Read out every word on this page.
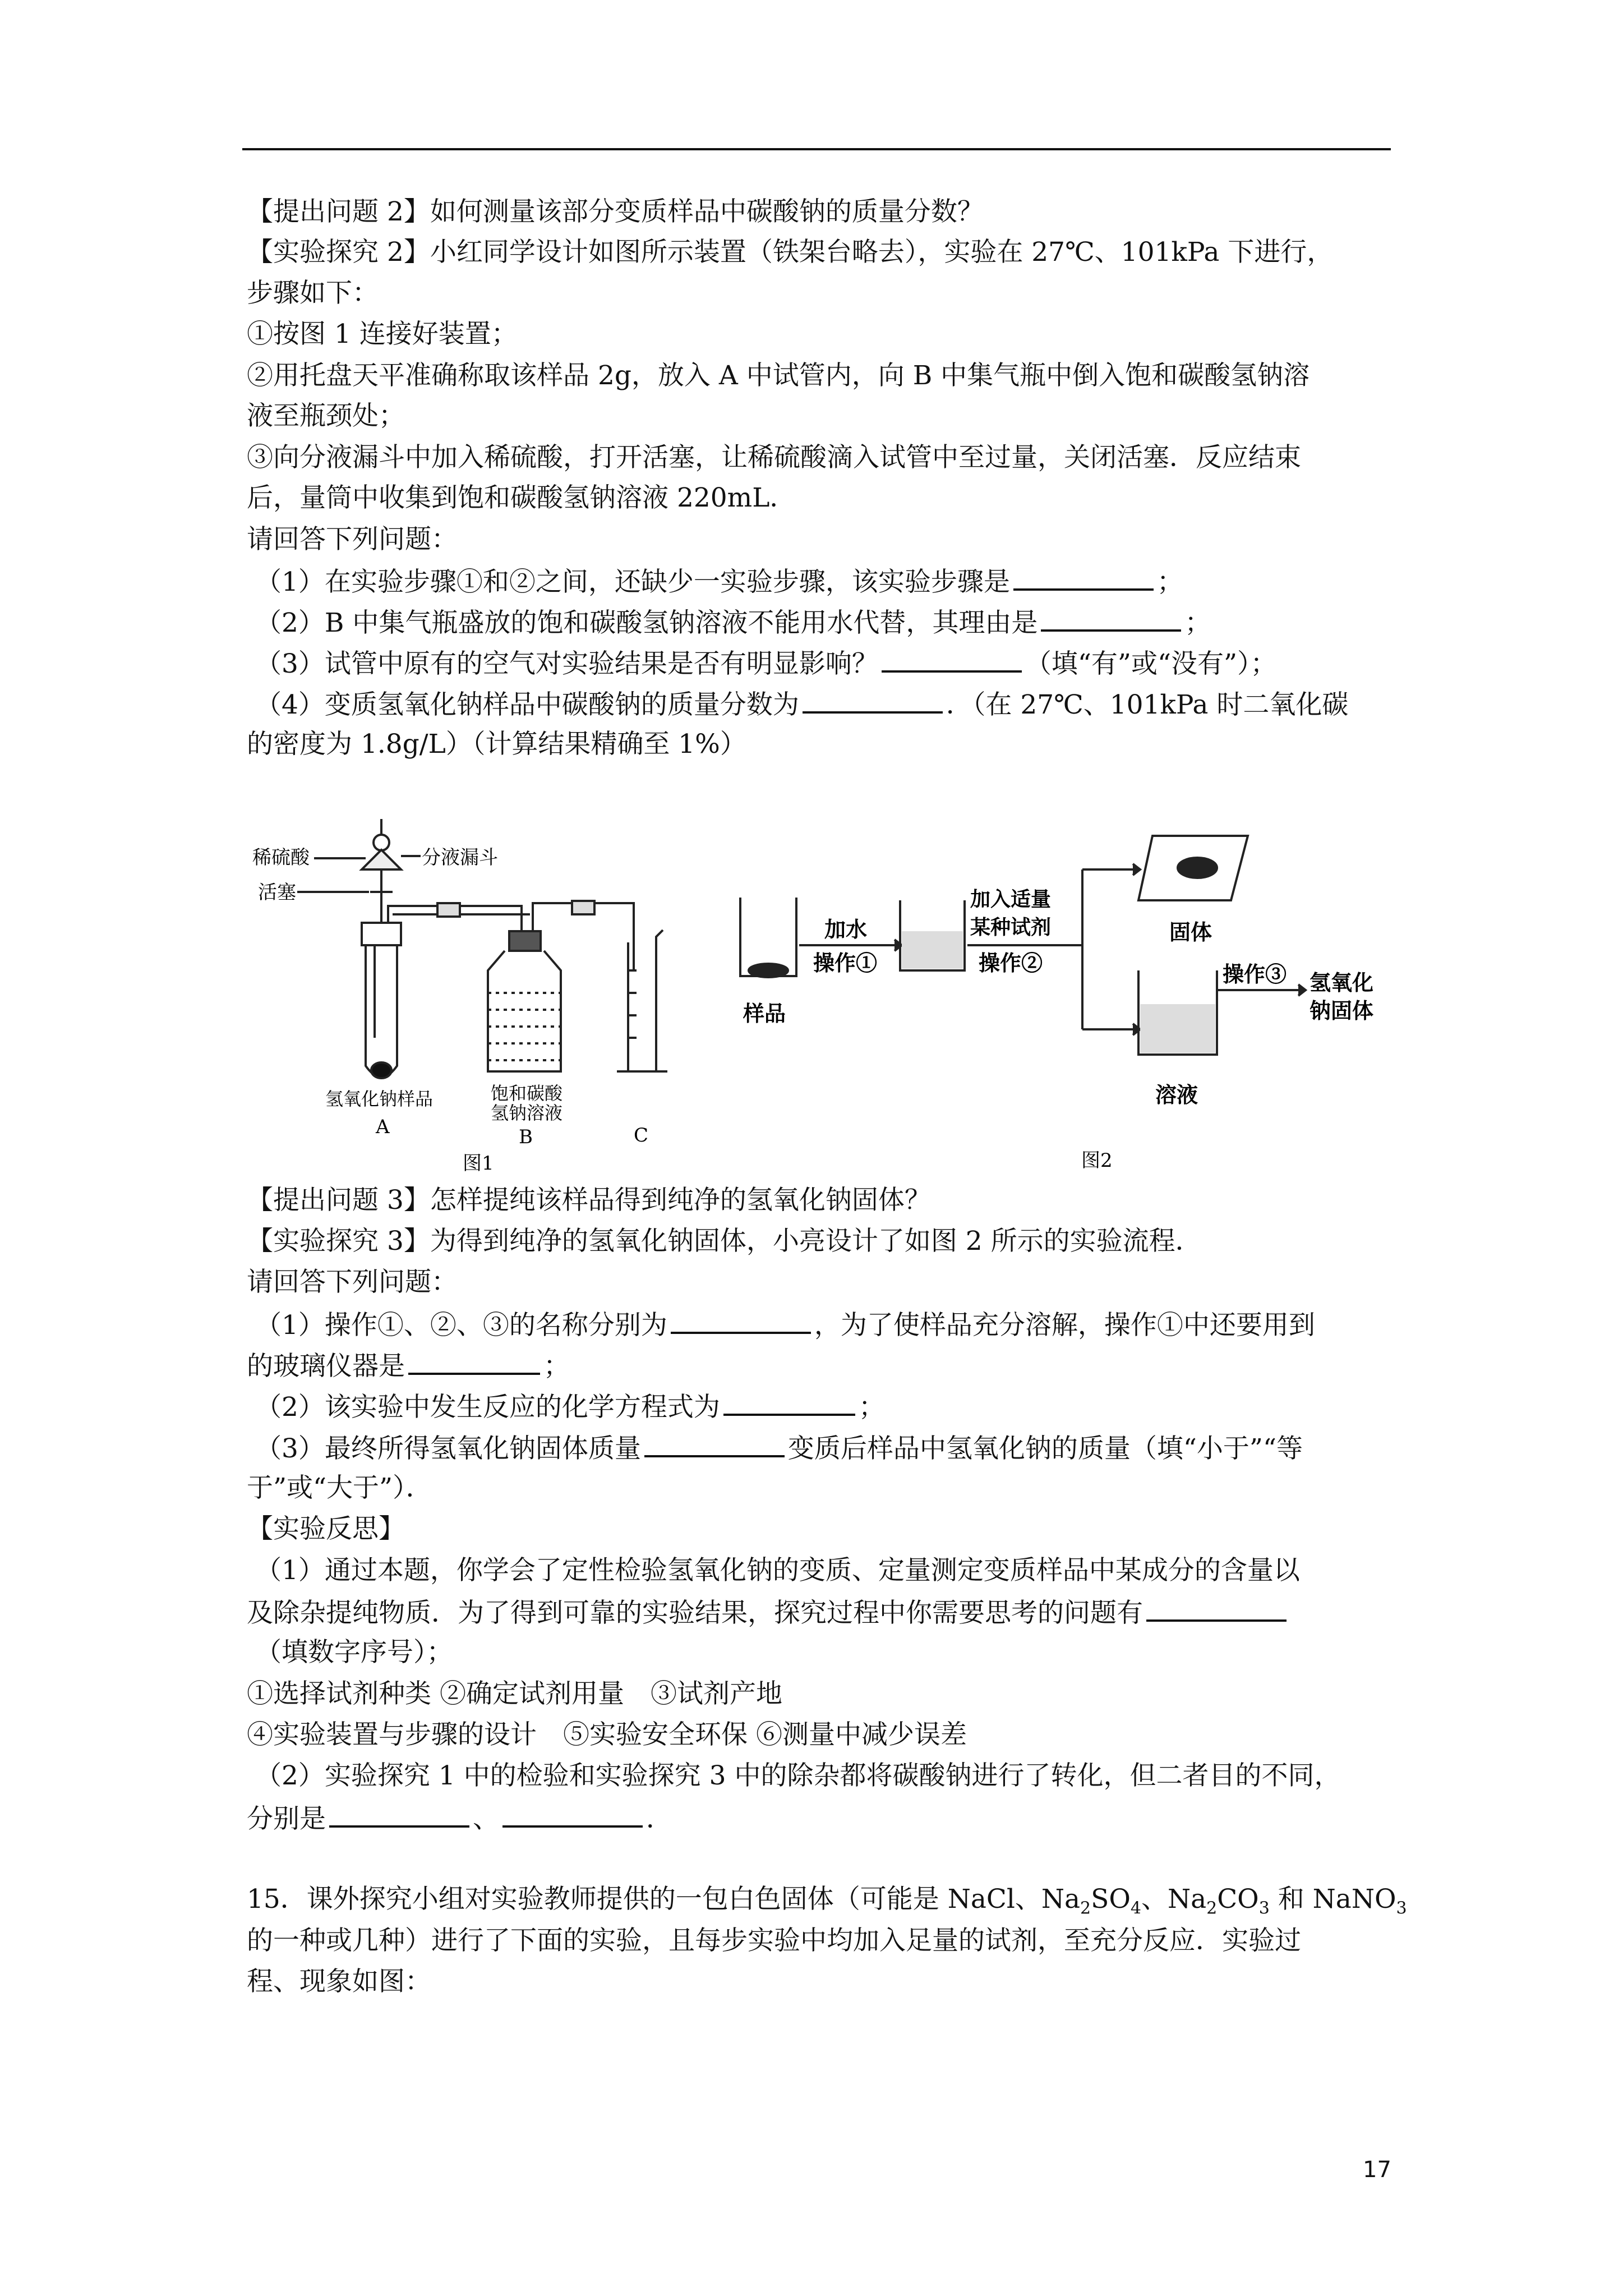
【提出问题 2】如何测量该部分变质样品中碳酸钠的质量分数？
【实验探究 2】小红同学设计如图所示装置（铁架台略去），实验在 27℃、101kPa 下进行，
步骤如下：
①按图 1 连接好装置；
②用托盘天平准确称取该样品 2g，放入 A 中试管内，向 B 中集气瓶中倒入饱和碳酸氢钠溶
液至瓶颈处；
③向分液漏斗中加入稀硫酸，打开活塞，让稀硫酸滴入试管中至过量，关闭活塞．反应结束
后，量筒中收集到饱和碳酸氢钠溶液 220mL．
请回答下列问题：
（1）在实验步骤①和②之间，还缺少一实验步骤，该实验步骤是	；
（2）B 中集气瓶盛放的饱和碳酸氢钠溶液不能用水代替，其理由是	；
（3）试管中原有的空气对实验结果是否有明显影响？	（填“有”或“没有”）；
（4）变质氢氧化钠样品中碳酸钠的质量分数为	．（在 27℃、101kPa 时二氧化碳
的密度为 1.8g/L）（计算结果精确至 1%）
稀硫酸	分液漏斗
活塞
氢氧化钠样品
A
饱和碳酸
氢钠溶液
B	C
图1
样品
加水
操作①
加入适量
某种试剂
操作②
固体
溶液
操作③ 氢氧化
钠固体
图2
【提出问题 3】怎样提纯该样品得到纯净的氢氧化钠固体？
【实验探究 3】为得到纯净的氢氧化钠固体，小亮设计了如图 2 所示的实验流程．
请回答下列问题：
（1）操作①、②、③的名称分别为	，为了使样品充分溶解，操作①中还要用到
的玻璃仪器是	；
（2）该实验中发生反应的化学方程式为	；
（3）最终所得氢氧化钠固体质量	变质后样品中氢氧化钠的质量（填“小于”“等
于”或“大于”）．
【实验反思】
（1）通过本题，你学会了定性检验氢氧化钠的变质、定量测定变质样品中某成分的含量以
及除杂提纯物质．为了得到可靠的实验结果，探究过程中你需要思考的问题有
（填数字序号）；
①选择试剂种类 ②确定试剂用量　③试剂产地
④实验装置与步骤的设计　⑤实验安全环保 ⑥测量中减少误差
（2）实验探究 1 中的检验和实验探究 3 中的除杂都将碳酸钠进行了转化，但二者目的不同，
分别是	、	．
15．课外探究小组对实验教师提供的一包白色固体（可能是 NaCl、$Na_2SO_4$、$Na_2CO_3$ 和 NaNO$_3$
的一种或几种）进行了下面的实验，且每步实验中均加入足量的试剂，至充分反应．实验过
程、现象如图：
17
